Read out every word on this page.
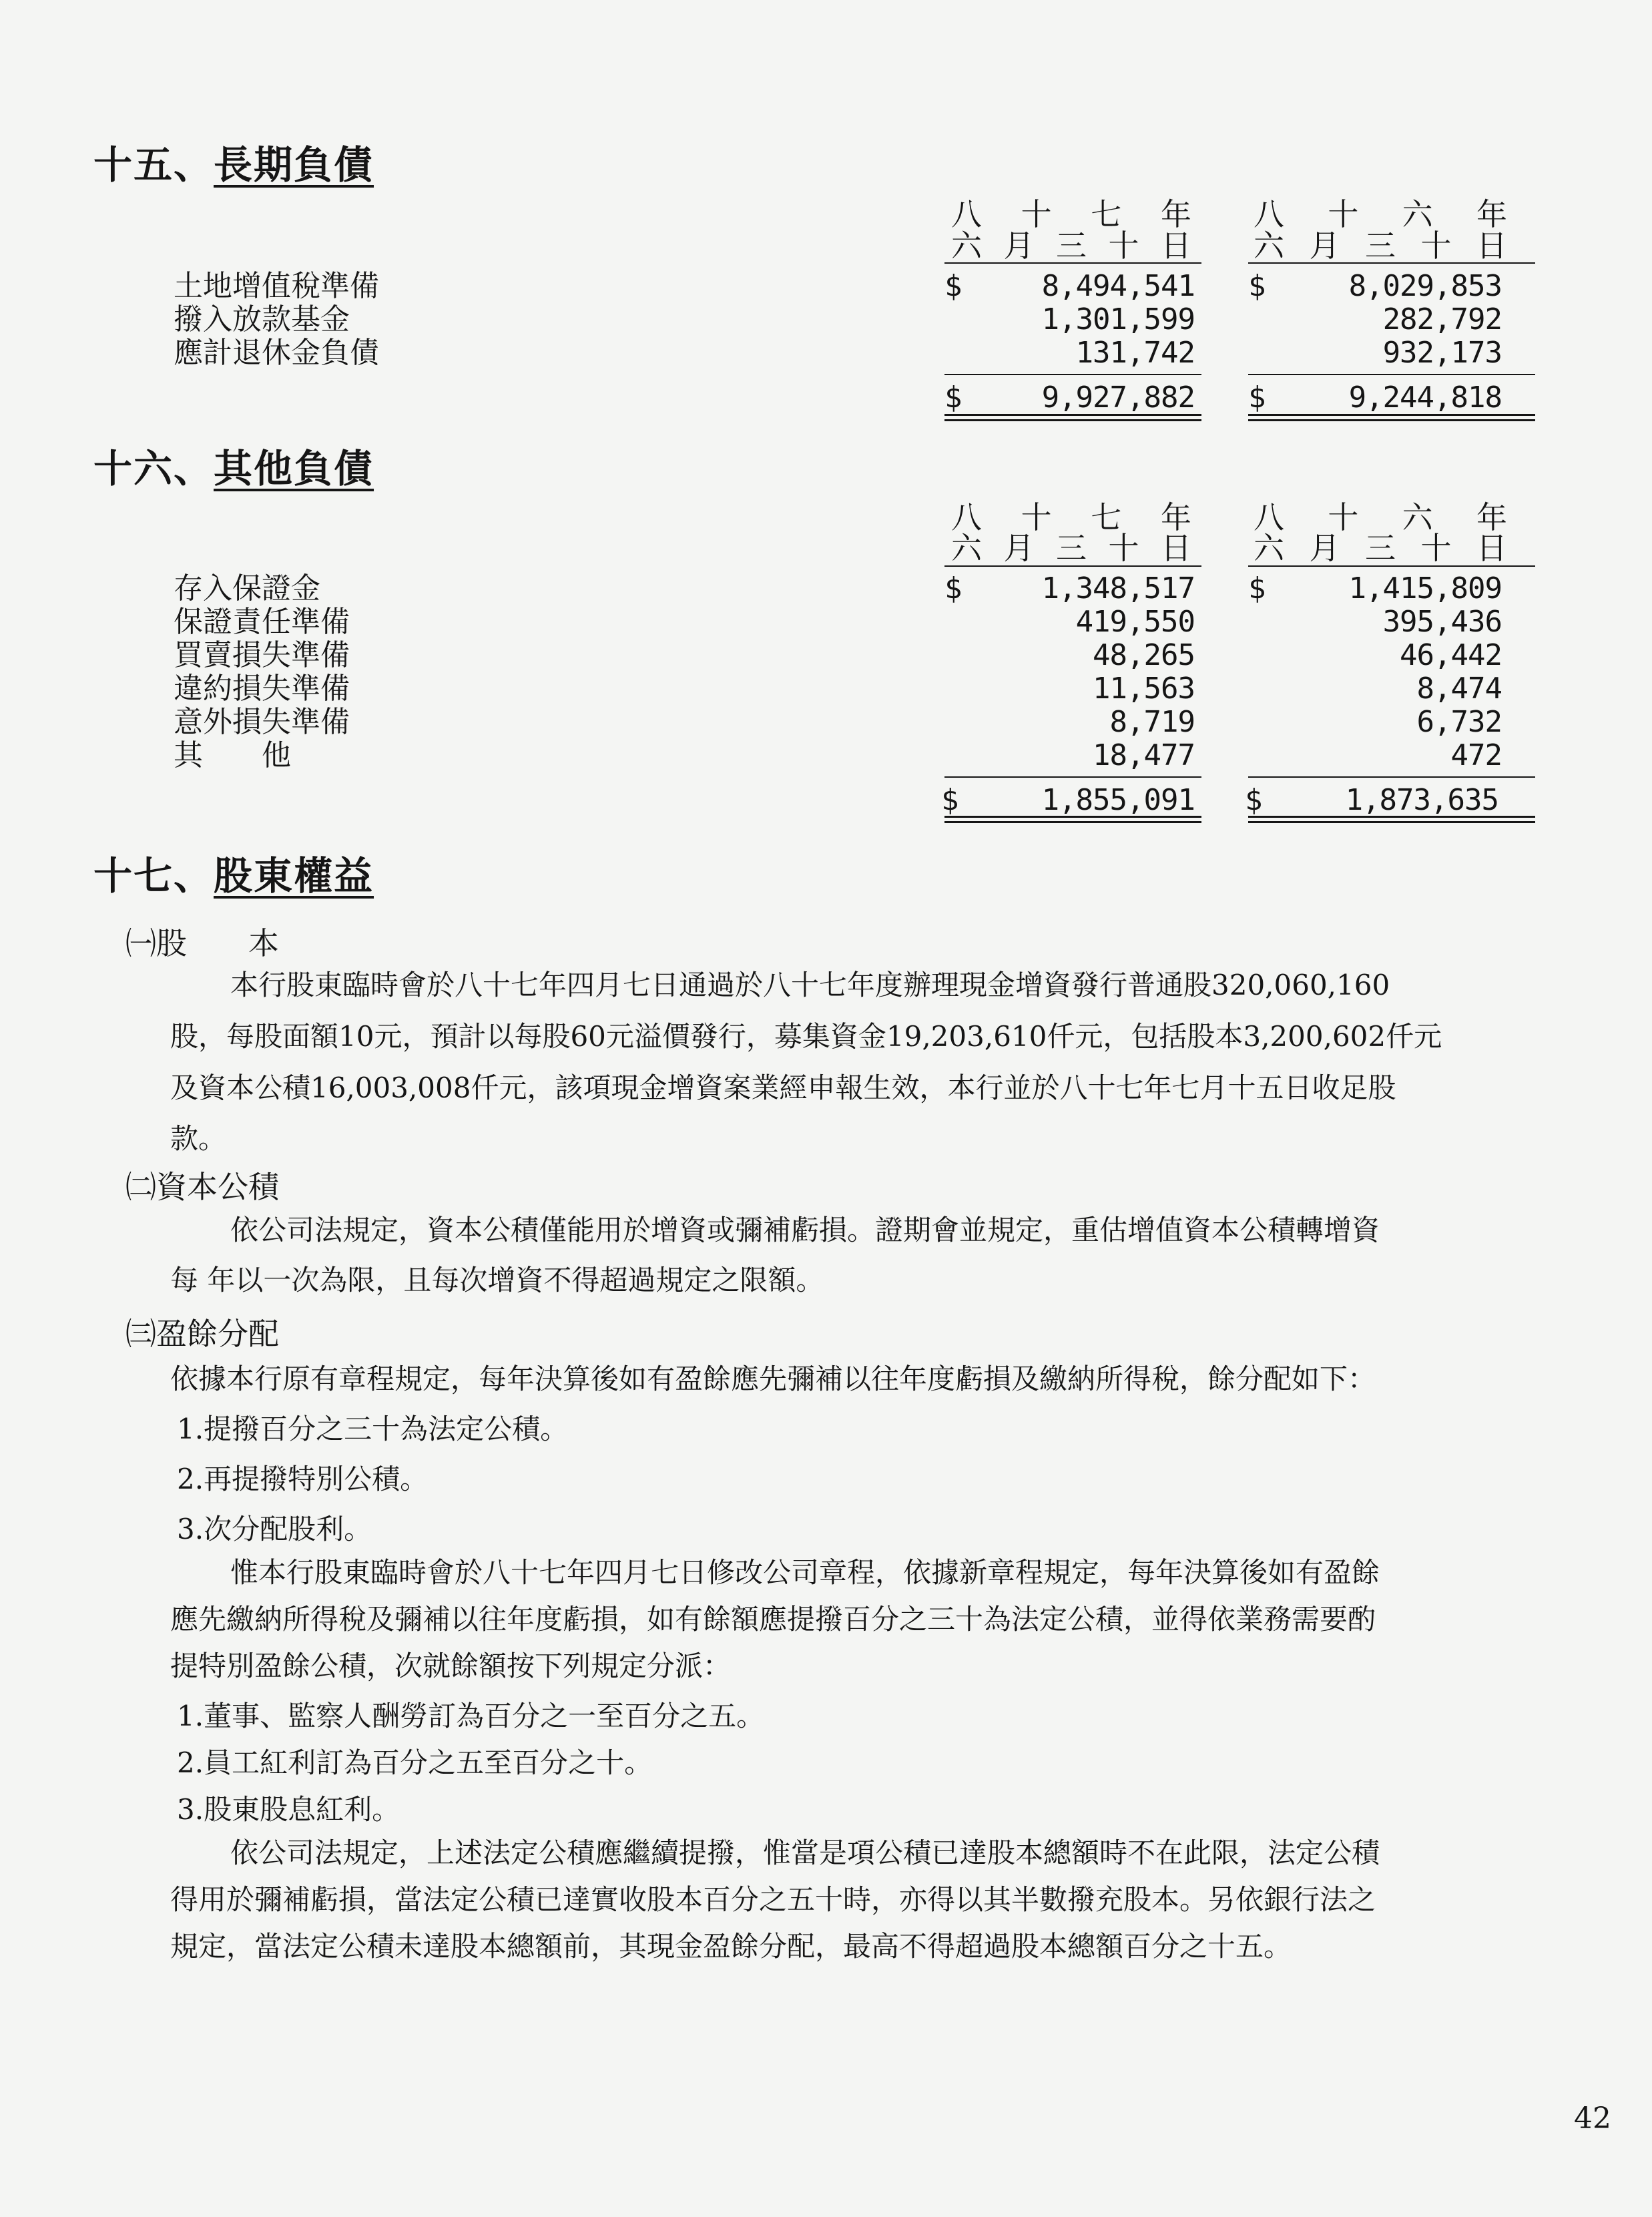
十五、長期負債
八 十 七 年
六 月 三 十 日
八 十 六 年
六 月 三 十 日
土地增值稅準備	$	8,494,541 $	8,029,853
撥入放款基金	1,301,599	282,792
應計退休金負債	131,742	932,173
$	9,927,882 $	9,244,818
十六、其他負債
八 十 七 年
六 月 三 十 日
八 十 六 年
六 月 三 十 日
存入保證金	$	1,348,517 $	1,415,809
保證責任準備	419,550	395,436
買賣損失準備	48,265	46,442
違約損失準備	11,563	8,474
意外損失準備	8,719	6,732
其　　他	18,477	472
$	1,855,091 $	1,873,635
十七、股東權益
㈠股　　本
本行股東臨時會於八十七年四月七日通過於八十七年度辦理現金增資發行普通股320,060,160
股，每股面額10元，預計以每股60元溢價發行，募集資金19,203,610仟元，包括股本3,200,602仟元
及資本公積16,003,008仟元，該項現金增資案業經申報生效，本行並於八十七年七月十五日收足股
款。
㈡資本公積
依公司法規定，資本公積僅能用於增資或彌補虧損。證期會並規定，重估增值資本公積轉增資
每 年以一次為限，且每次增資不得超過規定之限額。
㈢盈餘分配
依據本行原有章程規定，每年決算後如有盈餘應先彌補以往年度虧損及繳納所得稅，餘分配如下：
1.提撥百分之三十為法定公積。
2.再提撥特別公積。
3.次分配股利。
惟本行股東臨時會於八十七年四月七日修改公司章程，依據新章程規定，每年決算後如有盈餘
應先繳納所得稅及彌補以往年度虧損，如有餘額應提撥百分之三十為法定公積，並得依業務需要酌
提特別盈餘公積，次就餘額按下列規定分派：
1.董事、監察人酬勞訂為百分之一至百分之五。
2.員工紅利訂為百分之五至百分之十。
3.股東股息紅利。
依公司法規定，上述法定公積應繼續提撥，惟當是項公積已達股本總額時不在此限，法定公積
得用於彌補虧損，當法定公積已達實收股本百分之五十時，亦得以其半數撥充股本。另依銀行法之
規定，當法定公積未達股本總額前，其現金盈餘分配，最高不得超過股本總額百分之十五。
42
